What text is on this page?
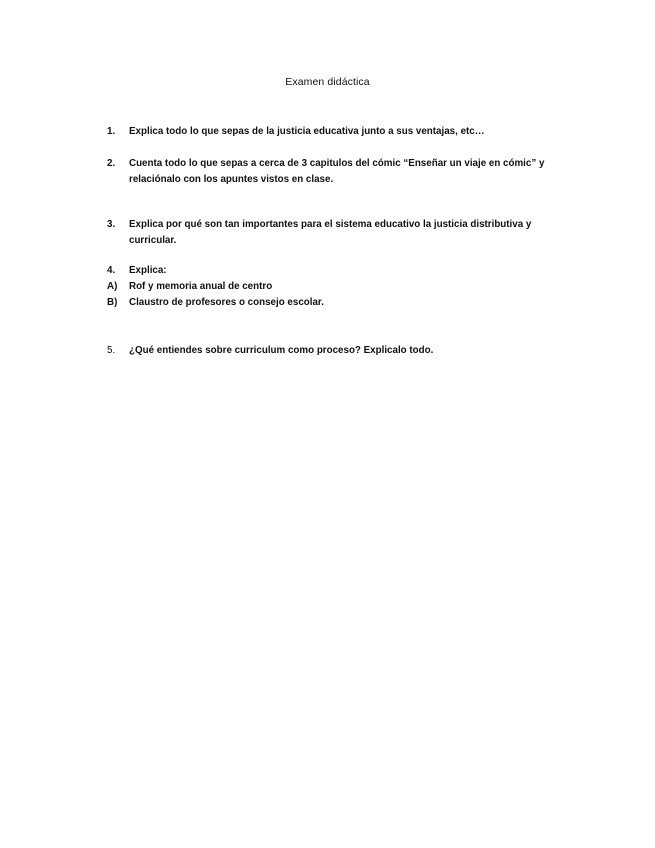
Examen didáctica
1. Explica todo lo que sepas de la justicia educativa junto a sus ventajas, etc…
2. Cuenta todo lo que sepas a cerca de 3 capitulos del cómic “Enseñar un viaje en cómic” y relaciónalo con los apuntes vistos en clase.
3. Explica por qué son tan importantes para el sistema educativo la justicia distributiva y curricular.
4. Explica:
A) Rof y memoria anual de centro
B) Claustro de profesores o consejo escolar.
5. ¿Qué entiendes sobre curriculum como proceso? Explicalo todo.
